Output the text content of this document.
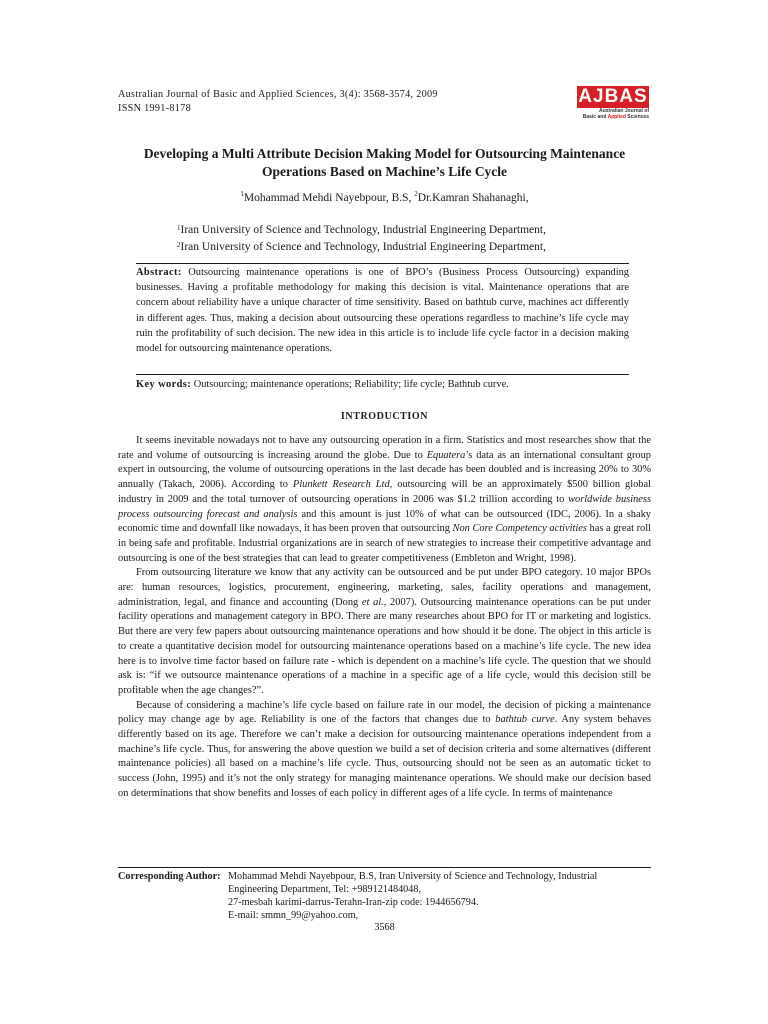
Australian Journal of Basic and Applied Sciences, 3(4): 3568-3574, 2009
ISSN 1991-8178
AJBAS
Australian Journal of
Basic and Applied Sciences
Developing a Multi Attribute Decision Making Model for Outsourcing Maintenance
Operations Based on Machine’s Life Cycle
$^1$Mohammad Mehdi Nayebpour, B.S, $^2$Dr.Kamran Shahanaghi,
$^1$Iran University of Science and Technology, Industrial Engineering Department,
$^2$Iran University of Science and Technology, Industrial Engineering Department,
Abstract: Outsourcing maintenance operations is one of BPO’s (Business Process Outsourcing) expanding businesses. Having a profitable methodology for making this decision is vital. Maintenance operations that are concern about reliability have a unique character of time sensitivity. Based on bathtub curve, machines act differently in different ages. Thus, making a decision about outsourcing these operations regardless to machine’s life cycle may ruin the profitability of such decision. The new idea in this article is to include life cycle factor in a decision making model for outsourcing maintenance operations.
Key words: Outsourcing; maintenance operations; Reliability; life cycle; Bathtub curve.
INTRODUCTION

It seems inevitable nowadays not to have any outsourcing operation in a firm. Statistics and most researches show that the rate and volume of outsourcing is increasing around the globe. Due to Equatera’s data as an international consultant group expert in outsourcing, the volume of outsourcing operations in the last decade has been doubled and is increasing 20% to 30% annually (Takach, 2006). According to Plunkett Research Ltd, outsourcing will be an approximately $500 billion global industry in 2009 and the total turnover of outsourcing operations in 2006 was $1.2 trillion according to worldwide business process outsourcing forecast and analysis and this amount is just 10% of what can be outsourced (IDC, 2006). In a shaky economic time and downfall like nowadays, it has been proven that outsourcing Non Core Competency activities has a great roll in being safe and profitable. Industrial organizations are in search of new strategies to increase their competitive advantage and outsourcing is one of the best strategies that can lead to greater competitiveness (Embleton and Wright, 1998).

From outsourcing literature we know that any activity can be outsourced and be put under BPO category. 10 major BPOs are: human resources, logistics, procurement, engineering, marketing, sales, facility operations and management, administration, legal, and finance and accounting (Dong et al., 2007). Outsourcing maintenance operations can be put under facility operations and management category in BPO. There are many researches about BPO for IT or marketing and logistics. But there are very few papers about outsourcing maintenance operations and how should it be done. The object in this article is to create a quantitative decision model for outsourcing maintenance operations based on a machine’s life cycle. The new idea here is to involve time factor based on failure rate - which is dependent on a machine’s life cycle. The question that we should ask is: “if we outsource maintenance operations of a machine in a specific age of a life cycle, would this decision still be profitable when the age changes?”.

Because of considering a machine’s life cycle based on failure rate in our model, the decision of picking a maintenance policy may change age by age. Reliability is one of the factors that changes due to bathtub curve. Any system behaves differently based on its age. Therefore we can’t make a decision for outsourcing maintenance operations independent from a machine’s life cycle. Thus, for answering the above question we build a set of decision criteria and some alternatives (different maintenance policies) all based on a machine’s life cycle. Thus, outsourcing should not be seen as an automatic ticket to success (John, 1995) and it’s not the only strategy for managing maintenance operations. We should make our decision based on determinations that show benefits and losses of each policy in different ages of a life cycle. In terms of maintenance

Corresponding Author: Mohammad Mehdi Nayebpour, B.S, Iran University of Science and Technology, Industrial
Engineering Department, Tel: +989121484048,
27-mesbah karimi-darrus-Terahn-Iran-zip code: 1944656794.
E-mail: smmn_99@yahoo.com,
3568
